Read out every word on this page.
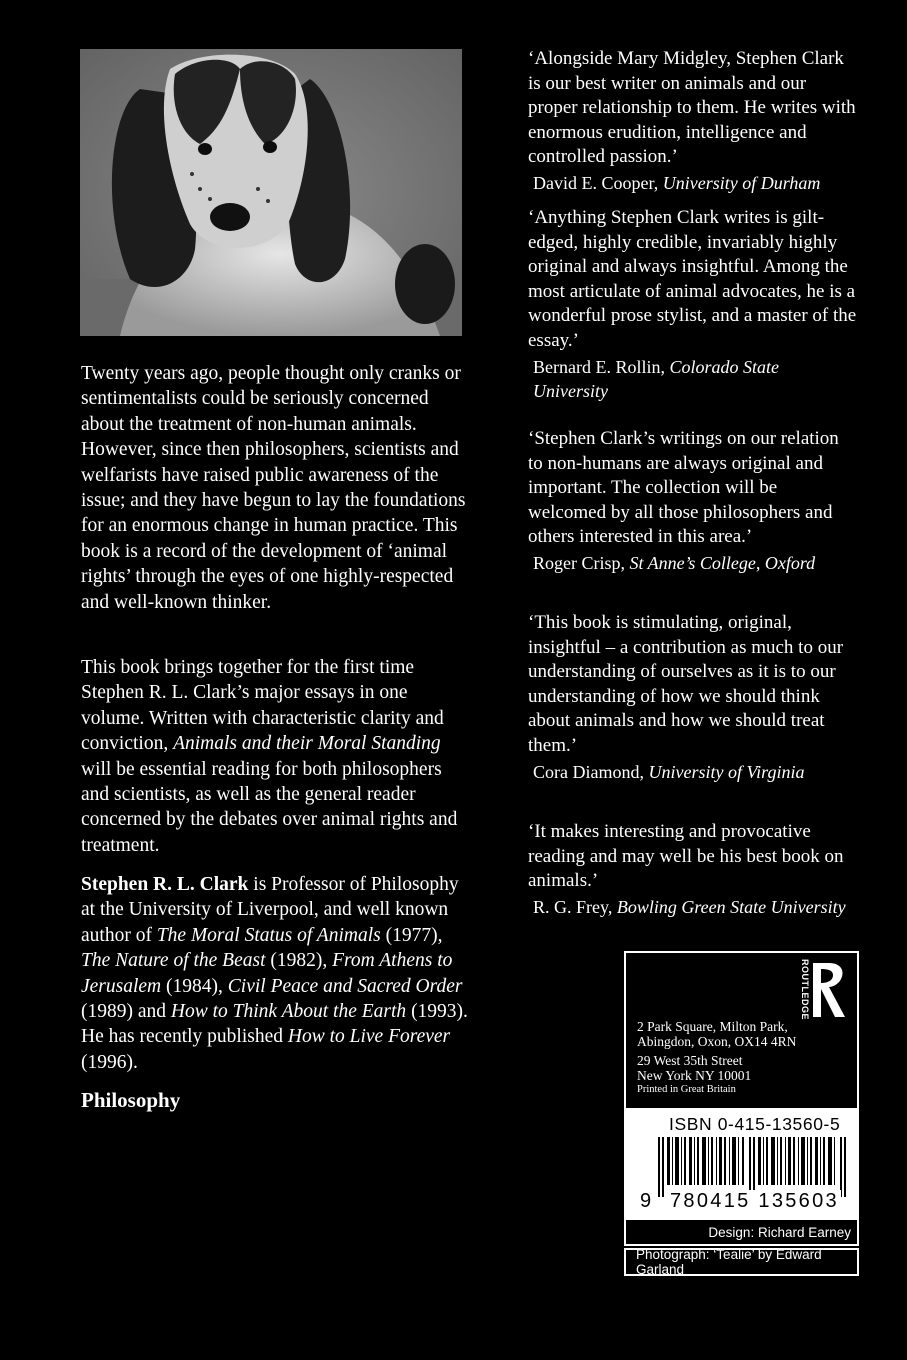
Twenty years ago, people thought only cranks or sentimentalists could be seriously concerned about the treatment of non-human animals. However, since then philosophers, scientists and welfarists have raised public awareness of the issue; and they have begun to lay the foundations for an enormous change in human practice. This book is a record of the development of ‘animal rights’ through the eyes of one highly-respected and well-known thinker.

This book brings together for the first time Stephen R. L. Clark’s major essays in one volume. Written with characteristic clarity and conviction, Animals and their Moral Standing will be essential reading for both philosophers and scientists, as well as the general reader concerned by the debates over animal rights and treatment.

Stephen R. L. Clark is Professor of Philosophy at the University of Liverpool, and well known author of The Moral Status of Animals (1977), The Nature of the Beast (1982), From Athens to Jerusalem (1984), Civil Peace and Sacred Order (1989) and How to Think About the Earth (1993). He has recently published How to Live Forever (1996).

Philosophy

‘Alongside Mary Midgley, Stephen Clark is our best writer on animals and our proper relationship to them. He writes with enormous erudition, intelligence and controlled passion.’

David E. Cooper, University of Durham

‘Anything Stephen Clark writes is gilt-edged, highly credible, invariably highly original and always insightful. Among the most articulate of animal advocates, he is a wonderful prose stylist, and a master of the essay.’

Bernard E. Rollin, Colorado State University

‘Stephen Clark’s writings on our relation to non-humans are always original and important. The collection will be welcomed by all those philosophers and others interested in this area.’

Roger Crisp, St Anne’s College, Oxford

‘This book is stimulating, original, insightful – a contribution as much to our understanding of ourselves as it is to our understanding of how we should think about animals and how we should treat them.’

Cora Diamond, University of Virginia

‘It makes interesting and provocative reading and may well be his best book on animals.’

R. G. Frey, Bowling Green State University

ROUTLEDGE
2 Park Square, Milton Park,
Abingdon, Oxon, OX14 4RN
29 West 35th Street
New York NY 10001
Printed in Great Britain
ISBN 0-415-13560-5
9 780415 135603
Design: Richard Earney
Photograph: ‘Tealie’ by Edward Garland
